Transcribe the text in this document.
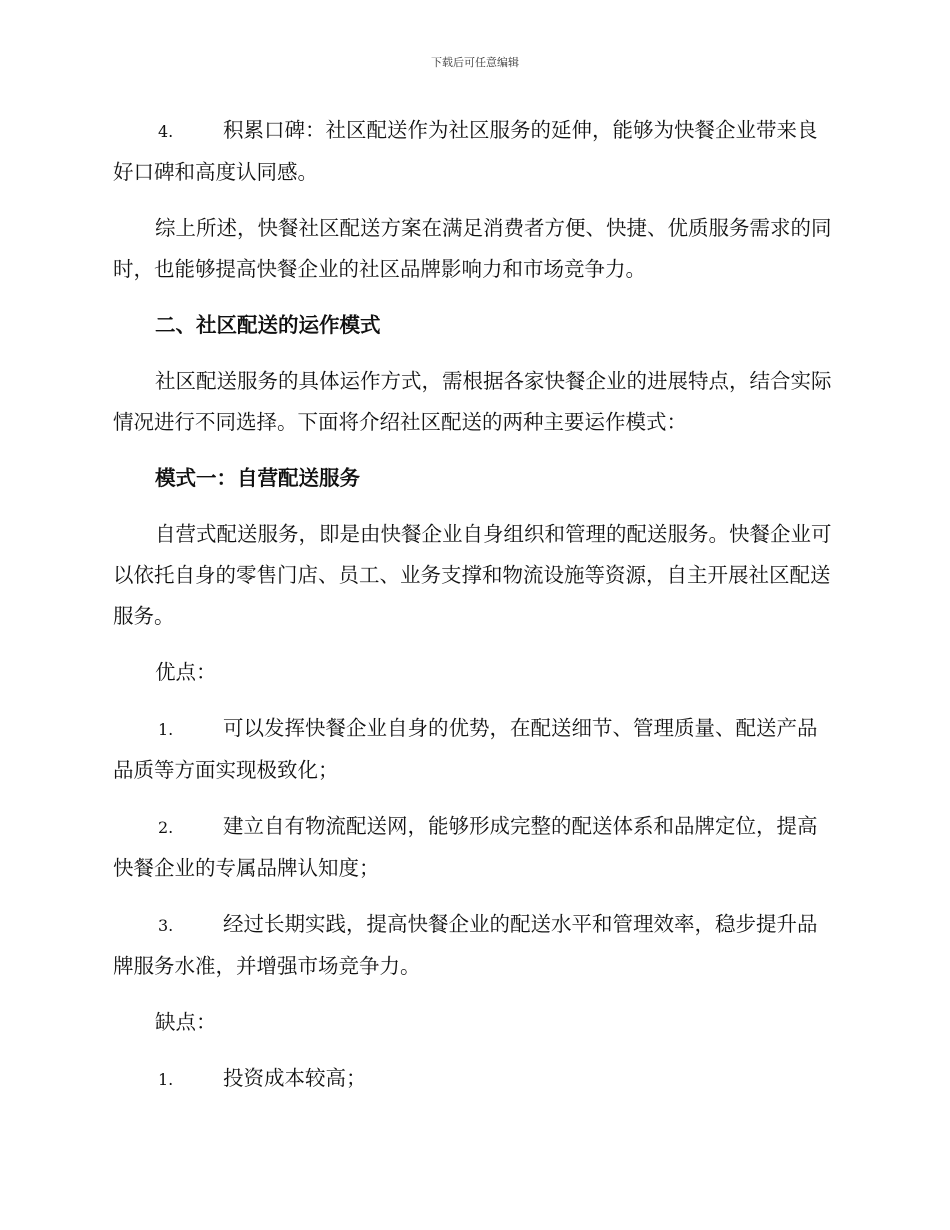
下载后可任意编辑

4. 积累口碑：社区配送作为社区服务的延伸，能够为快餐企业带来良好口碑和高度认同感。

综上所述，快餐社区配送方案在满足消费者方便、快捷、优质服务需求的同时，也能够提高快餐企业的社区品牌影响力和市场竞争力。

二、社区配送的运作模式

社区配送服务的具体运作方式，需根据各家快餐企业的进展特点，结合实际情况进行不同选择。下面将介绍社区配送的两种主要运作模式：

模式一：自营配送服务

自营式配送服务，即是由快餐企业自身组织和管理的配送服务。快餐企业可以依托自身的零售门店、员工、业务支撑和物流设施等资源，自主开展社区配送服务。

优点：

1. 可以发挥快餐企业自身的优势，在配送细节、管理质量、配送产品品质等方面实现极致化；

2. 建立自有物流配送网，能够形成完整的配送体系和品牌定位，提高快餐企业的专属品牌认知度；

3. 经过长期实践，提高快餐企业的配送水平和管理效率，稳步提升品牌服务水准，并增强市场竞争力。

缺点：

1. 投资成本较高；
